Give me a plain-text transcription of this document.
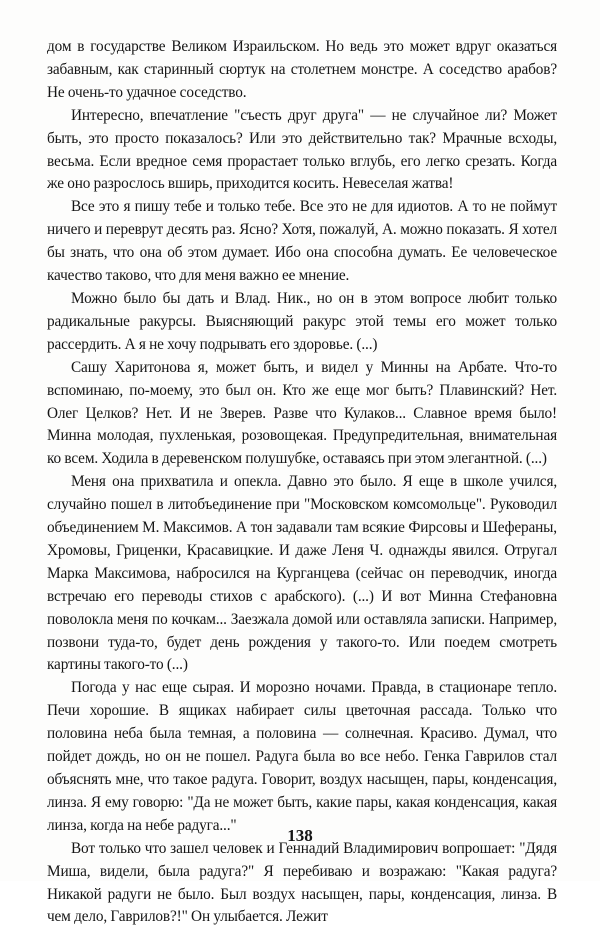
дом в государстве Великом Израильском. Но ведь это может вдруг оказаться забавным, как старинный сюртук на столетнем монстре. А соседство арабов? Не очень-то удачное соседство.

Интересно, впечатление "съесть друг друга" — не случайное ли? Может быть, это просто показалось? Или это действительно так? Мрачные всходы, весьма. Если вредное семя прорастает только вглубь, его легко срезать. Когда же оно разрослось вширь, приходится косить. Невеселая жатва!

Все это я пишу тебе и только тебе. Все это не для идиотов. А то не поймут ничего и переврут десять раз. Ясно? Хотя, пожалуй, А. можно показать. Я хотел бы знать, что она об этом думает. Ибо она способна думать. Ее человеческое качество таково, что для меня важно ее мнение.

Можно было бы дать и Влад. Ник., но он в этом вопросе любит только радикальные ракурсы. Выясняющий ракурс этой темы его может только рассердить. А я не хочу подрывать его здоровье. (...)

Сашу Харитонова я, может быть, и видел у Минны на Арбате. Что-то вспоминаю, по-моему, это был он. Кто же еще мог быть? Плавинский? Нет. Олег Целков? Нет. И не Зверев. Разве что Кулаков... Славное время было! Минна молодая, пухленькая, розовощекая. Предупредительная, внимательная ко всем. Ходила в деревенском полушубке, оставаясь при этом элегантной. (...)

Меня она прихватила и опекла. Давно это было. Я еще в школе учился, случайно пошел в литобъединение при "Московском комсомольце". Руководил объединением М. Максимов. А тон задавали там всякие Фирсовы и Шефераны, Хромовы, Гриценки, Красавицкие. И даже Леня Ч. однажды явился. Отругал Марка Максимова, набросился на Курганцева (сейчас он переводчик, иногда встречаю его переводы стихов с арабского). (...) И вот Минна Стефановна поволокла меня по кочкам... Заезжала домой или оставляла записки. Например, позвони туда-то, будет день рождения у такого-то. Или поедем смотреть картины такого-то (...)

Погода у нас еще сырая. И морозно ночами. Правда, в стационаре тепло. Печи хорошие. В ящиках набирает силы цветочная рассада. Только что половина неба была темная, а половина — солнечная. Красиво. Думал, что пойдет дождь, но он не пошел. Радуга была во все небо. Генка Гаврилов стал объяснять мне, что такое радуга. Говорит, воздух насыщен, пары, конденсация, линза. Я ему говорю: "Да не может быть, какие пары, какая конденсация, какая линза, когда на небе радуга..."

Вот только что зашел человек и Геннадий Владимирович вопрошает: "Дядя Миша, видели, была радуга?" Я перебиваю и возражаю: "Какая радуга? Никакой радуги не было. Был воздух насыщен, пары, конденсация, линза. В чем дело, Гаврилов?!" Он улыбается. Лежит

138
